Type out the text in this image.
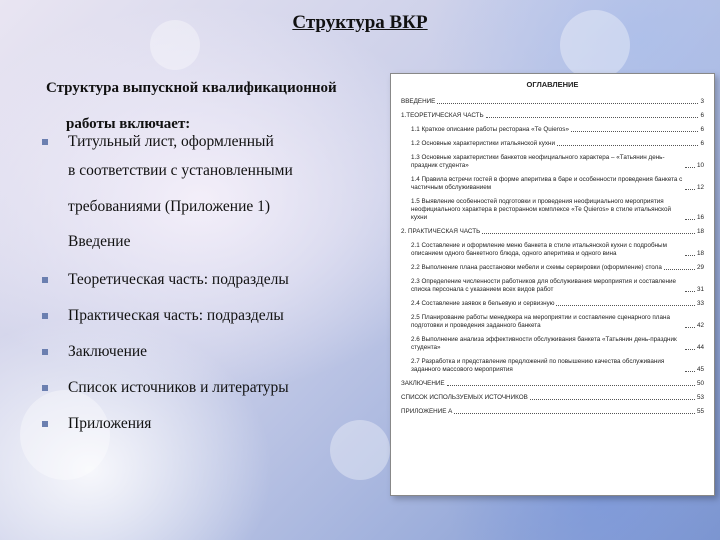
Структура ВКР
Структура выпускной квалификационной
работы включает:
Титульный лист, оформленный
в соответствии с установленными
требованиями (Приложение 1)
Введение
Теоретическая часть: подразделы
Практическая часть: подразделы
Заключение
Список источников и литературы
Приложения
ОГЛАВЛЕНИЕ
ВВЕДЕНИЕ	3
1.ТЕОРЕТИЧЕСКАЯ ЧАСТЬ	6
1.1 Краткое описание работы ресторана «Те Quieros»	6
1.2 Основные характеристики итальянской кухни	6
1.3 Основные характеристики банкетов неофициального характера – «Татьянин день-праздник студента»	10
1.4 Правила встречи гостей в форме аперитива в баре и особенности проведения банкета с частичным обслуживанием	12
1.5 Выявление особенностей подготовки и проведения неофициального мероприятия неофициального характера в ресторанном комплексе «Те Quieros» в стиле итальянской кухни	16
2. ПРАКТИЧЕСКАЯ ЧАСТЬ	18
2.1 Составление и оформление меню банкета в стиле итальянской кухни с подробным описанием одного банкетного блюда, одного аперитива и одного вина	18
2.2 Выполнение плана расстановки мебели и схемы сервировки (оформление) стола	29
2.3 Определение численности работников для обслуживания мероприятия и составление списка персонала с указанием всех видов работ	31
2.4 Составление заявок в бельевую и сервизную	33
2.5 Планирование работы менеджера на мероприятии и составление сценарного плана подготовки и проведения заданного банкета	42
2.6 Выполнение анализа эффективности обслуживания банкета «Татьянин день-праздник студента»	44
2.7 Разработка и представление предложений по повышению качества обслуживания заданного массового мероприятия	45
ЗАКЛЮЧЕНИЕ	50
СПИСОК ИСПОЛЬЗУЕМЫХ ИСТОЧНИКОВ	53
ПРИЛОЖЕНИЕ А	55
